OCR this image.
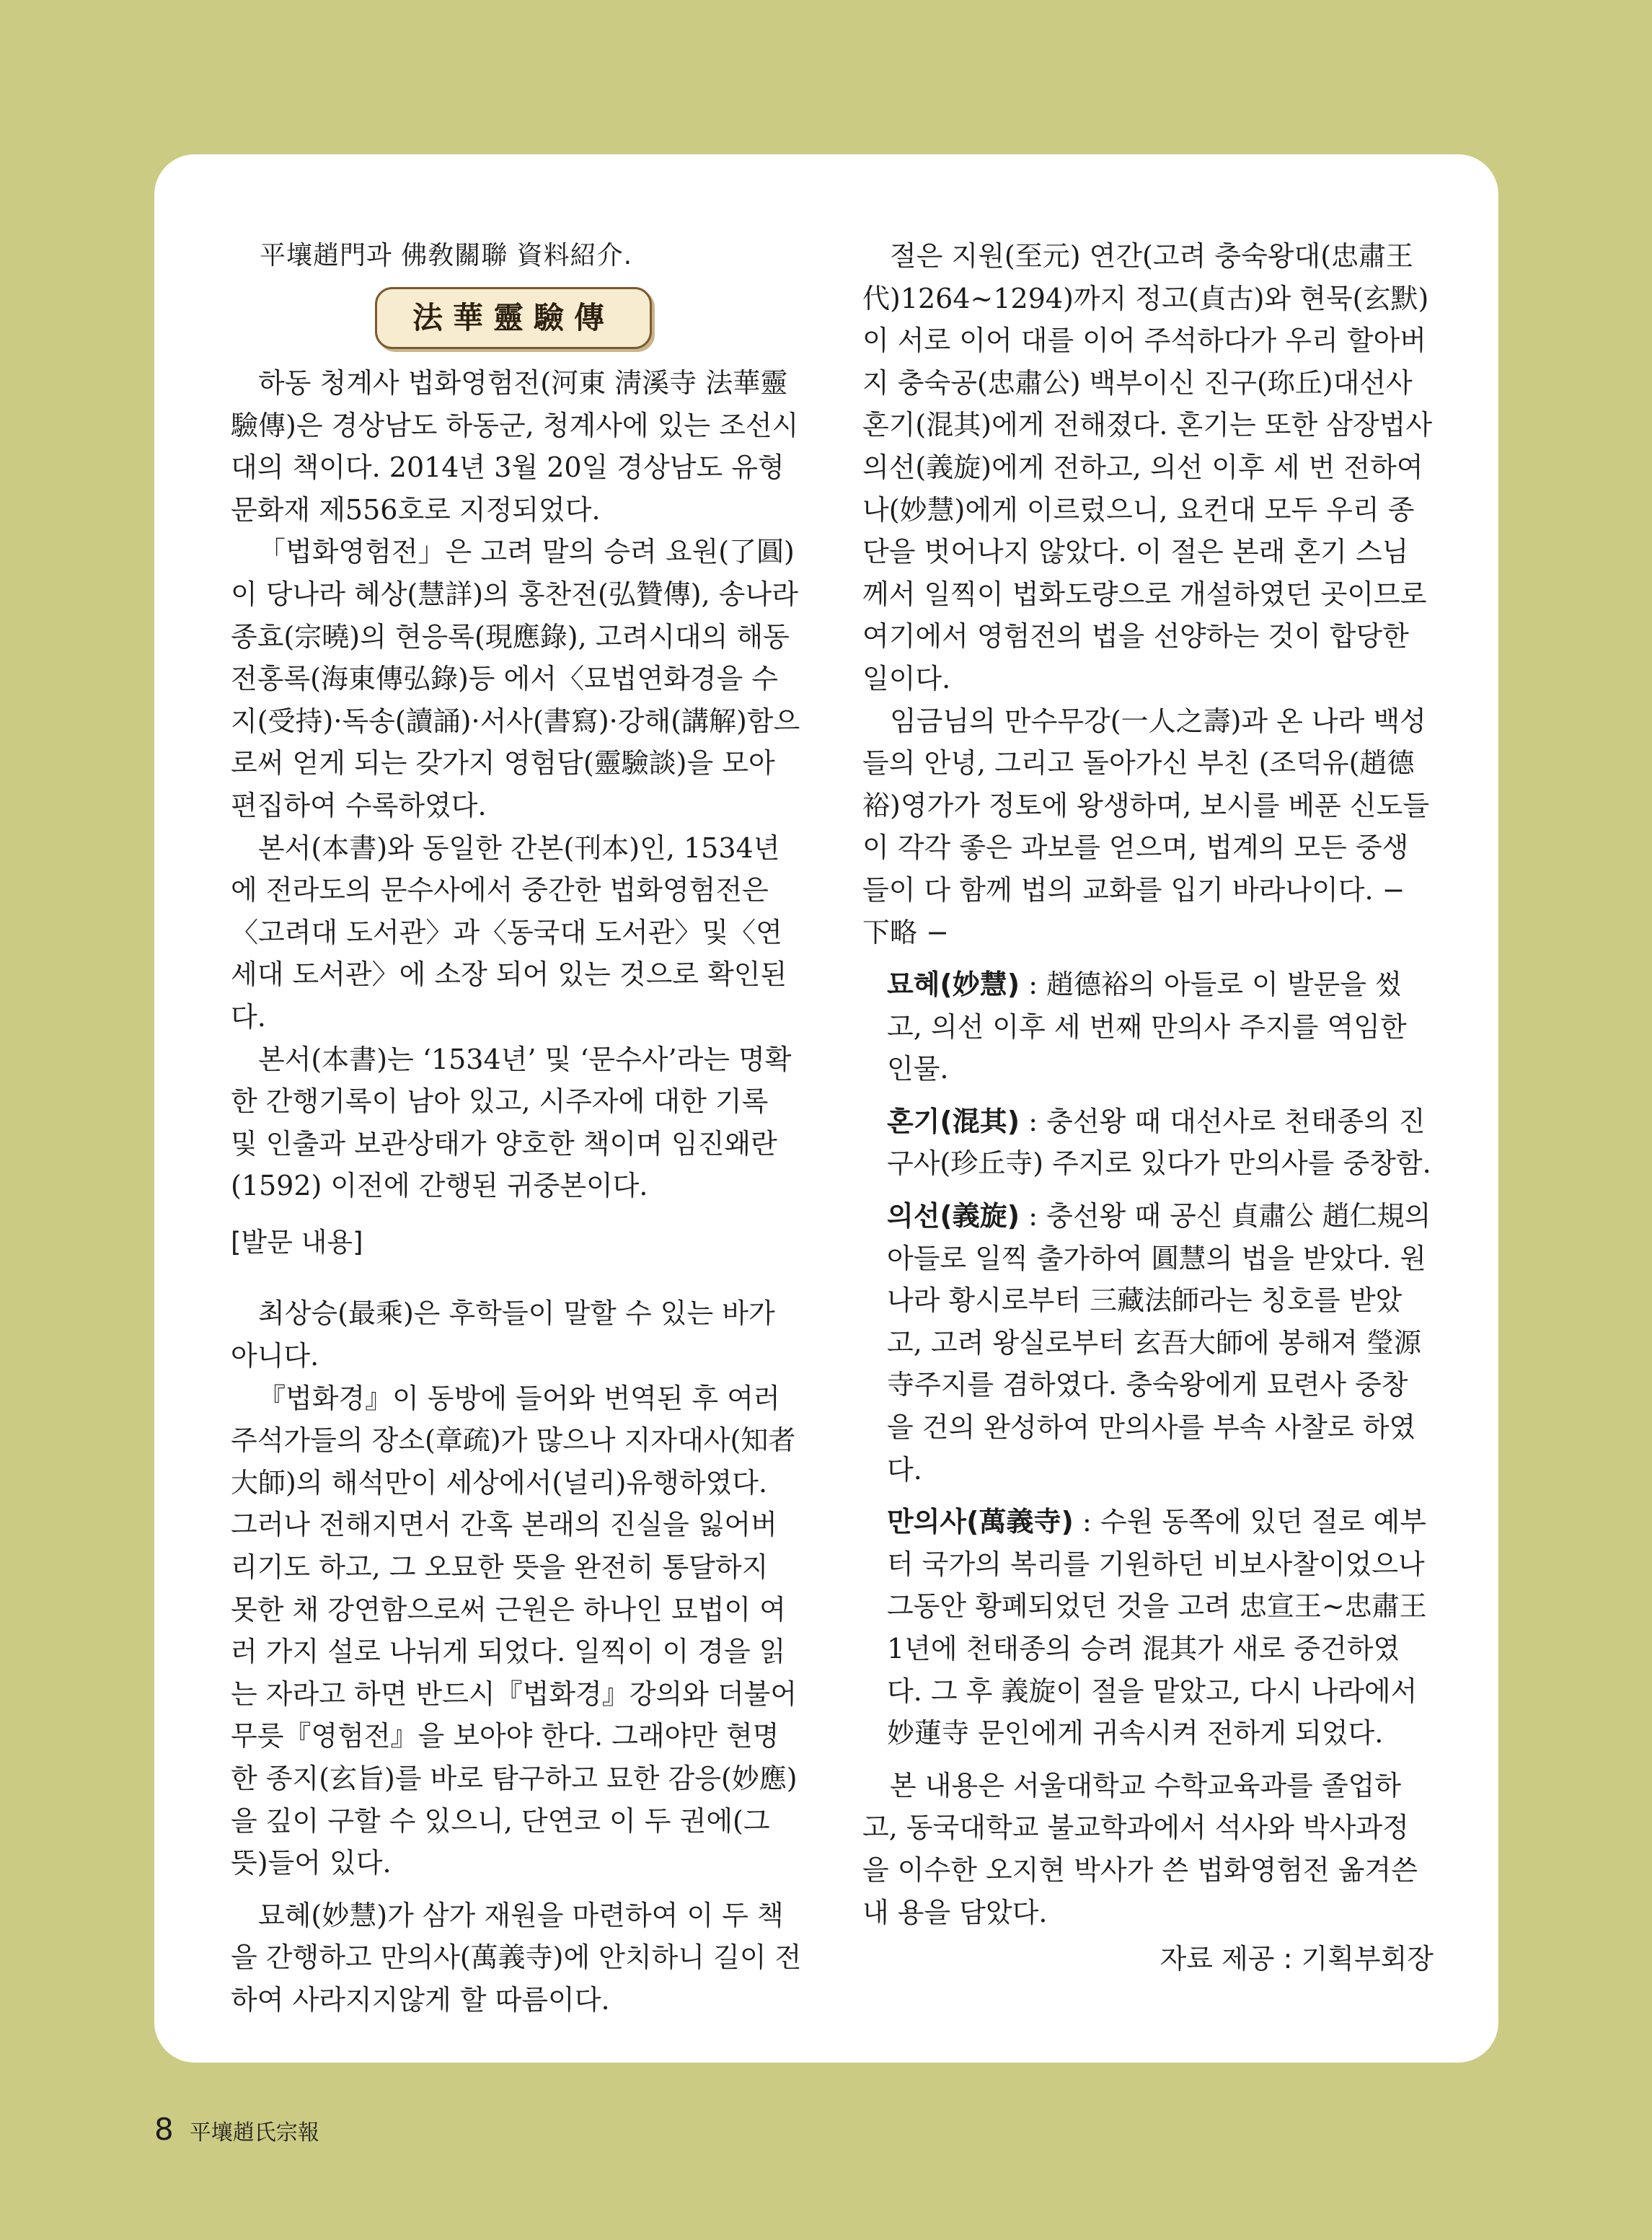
平壤趙門과 佛敎關聯 資料紹介.

法華靈驗傳

하동 청계사 법화영험전(河東 淸溪寺 法華靈驗傳)은 경상남도 하동군, 청계사에 있는 조선시대의 책이다. 2014년 3월 20일 경상남도 유형문화재 제556호로 지정되었다.

「법화영험전」은 고려 말의 승려 요원(了圓)이 당나라 혜상(慧詳)의 홍찬전(弘贊傳), 송나라 종효(宗曉)의 현응록(現應錄), 고려시대의 해동전홍록(海東傳弘錄)등 에서〈묘법연화경을 수지(受持)·독송(讀誦)·서사(書寫)·강해(講解)함으로써 얻게 되는 갖가지 영험담(靈驗談)을 모아 편집하여 수록하였다.

본서(本書)와 동일한 간본(刊本)인, 1534년에 전라도의 문수사에서 중간한 법화영험전은〈고려대 도서관〉과〈동국대 도서관〉및〈연세대 도서관〉에 소장 되어 있는 것으로 확인된다.

본서(本書)는 ‘1534년’ 및 ‘문수사’라는 명확한 간행기록이 남아 있고, 시주자에 대한 기록 및 인출과 보관상태가 양호한 책이며 임진왜란(1592) 이전에 간행된 귀중본이다.

[발문 내용]

최상승(最乘)은 후학들이 말할 수 있는 바가 아니다.

『법화경』이 동방에 들어와 번역된 후 여러 주석가들의 장소(章疏)가 많으나 지자대사(知者大師)의 해석만이 세상에서(널리)유행하였다. 그러나 전해지면서 간혹 본래의 진실을 잃어버리기도 하고, 그 오묘한 뜻을 완전히 통달하지 못한 채 강연함으로써 근원은 하나인 묘법이 여러 가지 설로 나뉘게 되었다. 일찍이 이 경을 읽는 자라고 하면 반드시『법화경』강의와 더불어 무릇『영험전』을 보아야 한다. 그래야만 현명한 종지(玄旨)를 바로 탐구하고 묘한 감응(妙應)을 깊이 구할 수 있으니, 단연코 이 두 권에(그 뜻)들어 있다.

묘혜(妙慧)가 삼가 재원을 마련하여 이 두 책을 간행하고 만의사(萬義寺)에 안치하니 길이 전하여 사라지지않게 할 따름이다.

절은 지원(至元) 연간(고려 충숙왕대(忠肅王代)1264~1294)까지 정고(貞古)와 현묵(玄默)이 서로 이어 대를 이어 주석하다가 우리 할아버지 충숙공(忠肅公) 백부이신 진구(珎丘)대선사 혼기(混其)에게 전해졌다. 혼기는 또한 삼장법사 의선(義旋)에게 전하고, 의선 이후 세 번 전하여 나(妙慧)에게 이르렀으니, 요컨대 모두 우리 종단을 벗어나지 않았다. 이 절은 본래 혼기 스님께서 일찍이 법화도량으로 개설하였던 곳이므로 여기에서 영험전의 법을 선양하는 것이 합당한 일이다.

임금님의 만수무강(一人之壽)과 온 나라 백성들의 안녕, 그리고 돌아가신 부친 (조덕유(趙德裕)영가가 정토에 왕생하며, 보시를 베푼 신도들이 각각 좋은 과보를 얻으며, 법계의 모든 중생들이 다 함께 법의 교화를 입기 바라나이다. − 下略 −

묘혜(妙慧) : 趙德裕의 아들로 이 발문을 썼고, 의선 이후 세 번째 만의사 주지를 역임한 인물.

혼기(混其) : 충선왕 때 대선사로 천태종의 진구사(珍丘寺) 주지로 있다가 만의사를 중창함.

의선(義旋) : 충선왕 때 공신 貞肅公 趙仁規의 아들로 일찍 출가하여 圓慧의 법을 받았다. 원나라 황시로부터 三藏法師라는 칭호를 받았고, 고려 왕실로부터 玄吾大師에 봉해져 瑩源寺주지를 겸하였다. 충숙왕에게 묘련사 중창을 건의 완성하여 만의사를 부속 사찰로 하였다.

만의사(萬義寺) : 수원 동쪽에 있던 절로 예부터 국가의 복리를 기원하던 비보사찰이었으나 그동안 황폐되었던 것을 고려 忠宣王~忠肅王 1년에 천태종의 승려 混其가 새로 중건하였다. 그 후 義旋이 절을 맡았고, 다시 나라에서 妙蓮寺 문인에게 귀속시켜 전하게 되었다.

본 내용은 서울대학교 수학교육과를 졸업하고, 동국대학교 불교학과에서 석사와 박사과정을 이수한 오지현 박사가 쓴 법화영험전 옮겨쓴 내 용을 담았다.

자료 제공 : 기획부회장

8 平壤趙氏宗報
